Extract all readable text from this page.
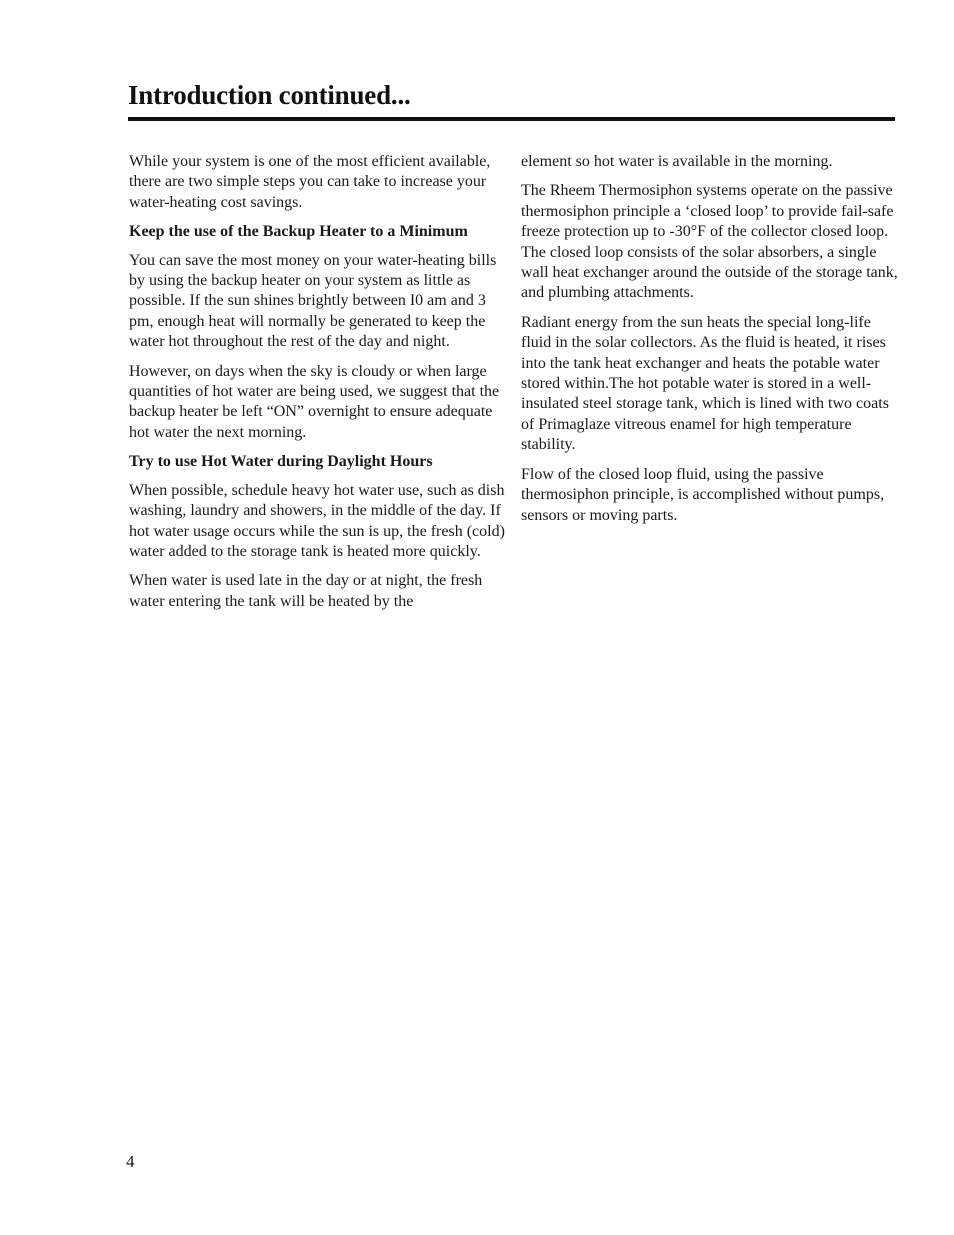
Introduction continued...

While your system is one of the most efficient available, there are two simple steps you can take to increase your water-heating cost savings.

Keep the use of the Backup Heater to a Minimum

You can save the most money on your water-heating bills by using the backup heater on your system as little as possible. If the sun shines brightly between I0 am and 3 pm, enough heat will normally be generated to keep the water hot throughout the rest of the day and night.

However, on days when the sky is cloudy or when large quantities of hot water are being used, we suggest that the backup heater be left “ON” overnight to ensure adequate hot water the next morning.

Try to use Hot Water during Daylight Hours

When possible, schedule heavy hot water use, such as dish washing, laundry and showers, in the middle of the day. If hot water usage occurs while the sun is up, the fresh (cold) water added to the storage tank is heated more quickly.

When water is used late in the day or at night, the fresh water entering the tank will be heated by the

element so hot water is available in the morning.

The Rheem Thermosiphon systems operate on the passive thermosiphon principle a ‘closed loop’ to provide fail-safe freeze protection up to -30°F of the collector closed loop. The closed loop consists of the solar absorbers, a single wall heat exchanger around the outside of the storage tank, and plumbing attachments.

Radiant energy from the sun heats the special long-life fluid in the solar collectors. As the fluid is heated, it rises into the tank heat exchanger and heats the potable water stored within.The hot potable water is stored in a well-insulated steel storage tank, which is lined with two coats of Primaglaze vitreous enamel for high temperature stability.

Flow of the closed loop fluid, using the passive thermosiphon principle, is accomplished without pumps, sensors or moving parts.

4
